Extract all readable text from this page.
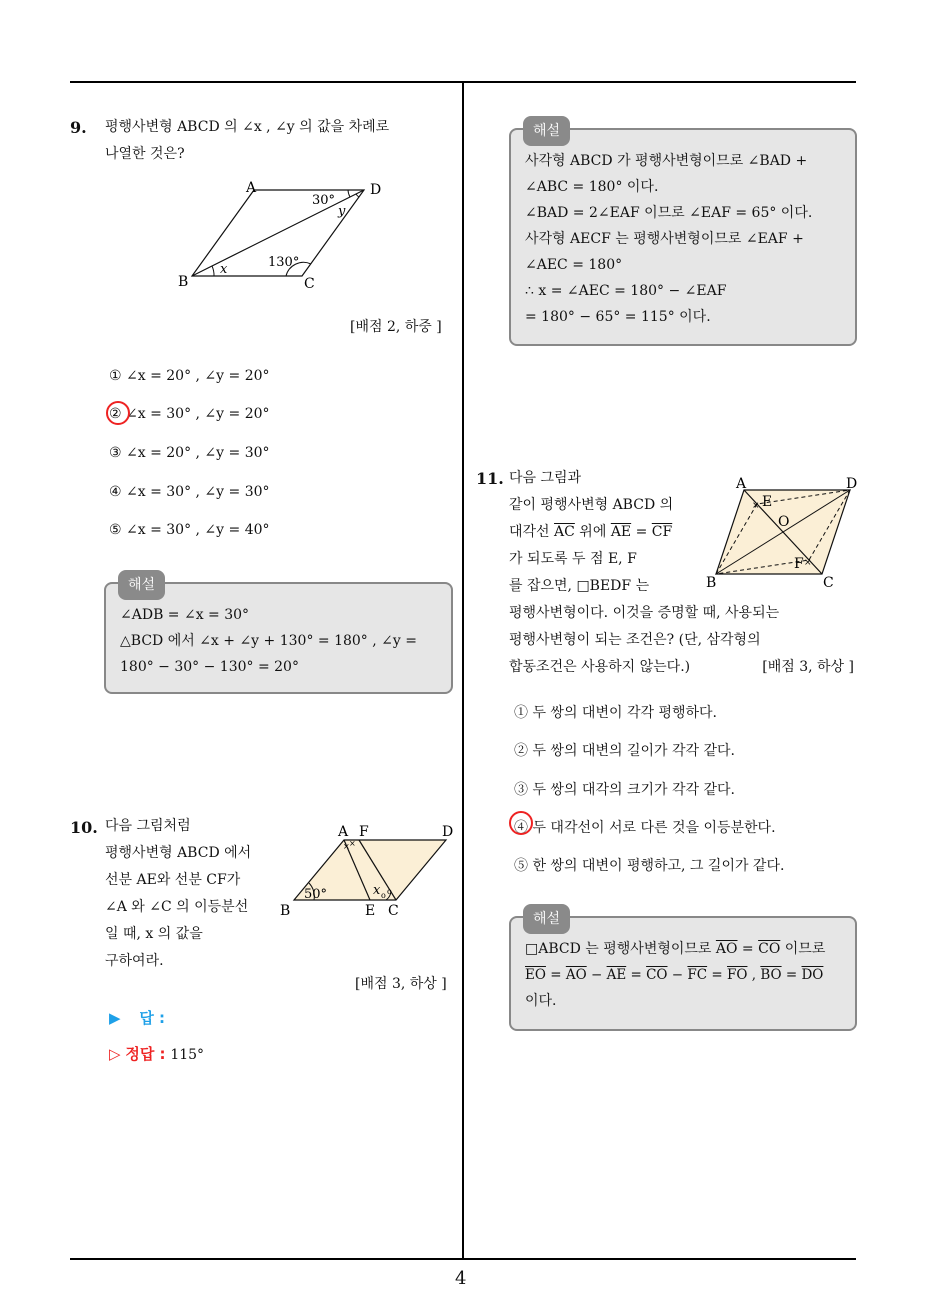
4
9. 평행사변형 ABCD 의 ∠x , ∠y 의 값을 차례로
나열한 것은?
A	D
B	C
30°
y
x	130°
[배점 2, 하중 ]
① ∠x = 20° , ∠y = 20°
② ∠x = 30° , ∠y = 20°
③ ∠x = 20° , ∠y = 30°
④ ∠x = 30° , ∠y = 30°
⑤ ∠x = 30° , ∠y = 40°
해설
∠ADB = ∠x = 30°
△BCD 에서 ∠x + ∠y + 130° = 180° , ∠y =
180° − 30° − 130° = 20°
10. 다음 그림처럼
평행사변형 ABCD 에서
선분 AE와 선분 CF가
∠A 와 ∠C 의 이등분선
일 때, x 의 값을
구하여라.
× ×
o o
A F	D
B	E C
50°	x
[배점 3, 하상 ]
▶ 답 :
▷ 정답 : 115°
해설
사각형 ABCD 가 평행사변형이므로 ∠BAD +
∠ABC = 180° 이다.
∠BAD = 2∠EAF 이므로 ∠EAF = 65° 이다.
사각형 AECF 는 평행사변형이므로 ∠EAF +
∠AEC = 180°
∴ x = ∠AEC = 180° − ∠EAF
= 180° − 65° = 115° 이다.
11. 다음 그림과
같이 평행사변형 ABCD 의
대각선 $\overline{AC}$ 위에 $\overline{AE} = \overline{CF}$
가 되도록 두 점 E, F
를 잡으면, □BEDF 는
평행사변형이다. 이것을 증명할 때, 사용되는
평행사변형이 되는 조건은? (단, 삼각형의
합동조건은 사용하지 않는다.)	[배점 3, 하상 ]
×
×
A	D
E
O
F
B	C
① 두 쌍의 대변이 각각 평행하다.
② 두 쌍의 대변의 길이가 각각 같다.
③ 두 쌍의 대각의 크기가 각각 같다.
④ 두 대각선이 서로 다른 것을 이등분한다.
⑤ 한 쌍의 대변이 평행하고, 그 길이가 같다.
해설
□ABCD 는 평행사변형이므로 $\overline{AO} = \overline{CO}$ 이므로
$\overline{EO} = \overline{AO} - \overline{AE} = \overline{CO} - \overline{FC} = \overline{FO}$ , $\overline{BO} = \overline{DO}$
이다.
